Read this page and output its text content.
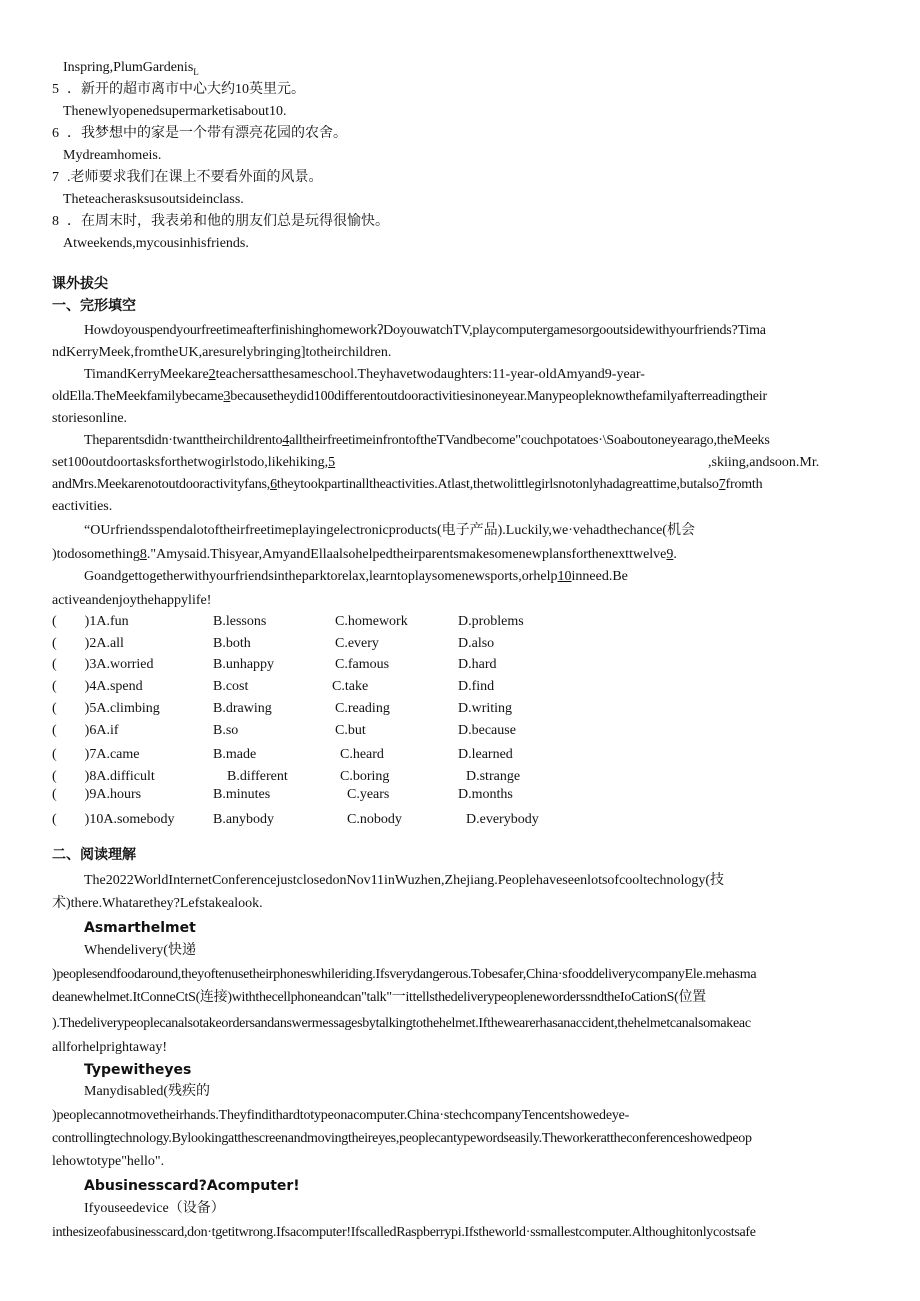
Inspring,PlumGardenis$_L$
5 ．新开的超市离市中心大约10英里元。
Thenewlyopenedsupermarketisabout10.
6 ．我梦想中的家是一个带有漂亮花园的农舍。
Mydreamhomeis.
7 .老师要求我们在课上不要看外面的风景。
Theteacherasksusoutsideinclass.
8 ．在周末时，我表弟和他的朋友们总是玩得很愉快。
Atweekends,mycousinhisfriends.
课外拔尖
一、完形填空
HowdoyouspendyourfreetimeafterfinishinghomeworkʔDoyouwatchTV,playcomputergamesorgooutsidewithyourfriends?Tima
ndKerryMeek,fromtheUK,aresurelybringing]totheirchildren.
TimandKerryMeekare2teachersatthesameschool.Theyhavetwodaughters:11-year-oldAmyand9-year-
oldElla.TheMeekfamilybecame3becausetheydid100differentoutdooractivitiesinoneyear.Manypeopleknowthefamilyafterreadingtheir
storiesonline.
Theparentsdidn·twanttheirchildrento4alltheirfreetimeinfrontoftheTVandbecome"couchpotatoes·\Soaboutoneyearago,theMeeks
set100outdoortasksforthetwogirlstodo,likehiking,5	,skiing,andsoon.Mr.
andMrs.Meekarenotoutdooractivityfans,6theytookpartinalltheactivities.Atlast,thetwolittlegirlsnotonlyhadagreattime,butalso7fromth
eactivities.
“OUrfriendsspendalotoftheirfreetimeplayingelectronicproducts(电子产品).Luckily,we·vehadthechance(机会
)todosomething8."Amysaid.Thisyear,AmyandEllaalsohelpedtheirparentsmakesomenewplansforthenexttwelve9.
Goandgettogetherwithyourfriendsintheparktorelax,learntoplaysomenewsports,orhelp10inneed.Be
activeandenjoythehappylife!
( )1A.fun	B.lessons	C.homework	D.problems
( )2A.all	B.both	C.every	D.also
( )3A.worried	B.unhappy	C.famous	D.hard
( )4A.spend	B.cost	C.take	D.find
( )5A.climbing	B.drawing	C.reading	D.writing
( )6A.if	B.so	C.but	D.because
( )7A.came	B.made	C.heard	D.learned
( )8A.difficult	B.different	C.boring	D.strange
( )9A.hours	B.minutes	C.years	D.months
( )10A.somebody	B.anybody	C.nobody	D.everybody
二、阅读理解
The2022WorldInternetConferencejustclosedonNov11inWuzhen,Zhejiang.Peoplehaveseenlotsofcooltechnology(技
术)there.Whatarethey?Lefstakealook.
Asmarthelmet
Whendelivery(快递
)peoplesendfoodaround,theyoftenusetheirphoneswhileriding.Ifsverydangerous.Tobesafer,China·sfooddeliverycompanyEle.mehasma
deanewhelmet.ItConneCtS(连接)withthecellphoneandcan"talk"一ittellsthedeliverypeopleneworderssndtheIoCationS(位置
).Thedeliverypeoplecanalsotakeordersandanswermessagesbytalkingtothehelmet.Ifthewearerhasanaccident,thehelmetcanalsomakeac
allforhelprightaway!
Typewitheyes
Manydisabled(残疾的
)peoplecannotmovetheirhands.Theyfindithardtotypeonacomputer.China·stechcompanyTencentshowedeye-
controllingtechnology.Bylookingatthescreenandmovingtheireyes,peoplecantypewordseasily.Theworkeratthe​conferenceshowedpeop
lehowtotype"hello".
Abusinesscard?Acomputer!
Ifyouseedevice（设备）
inthesizeofabusinesscard,don·tgetitwrong.Ifsacomputer!IfscalledRaspberrypi.Ifstheworld·ssmallestcomputer.Althoughitonlycostsafe
